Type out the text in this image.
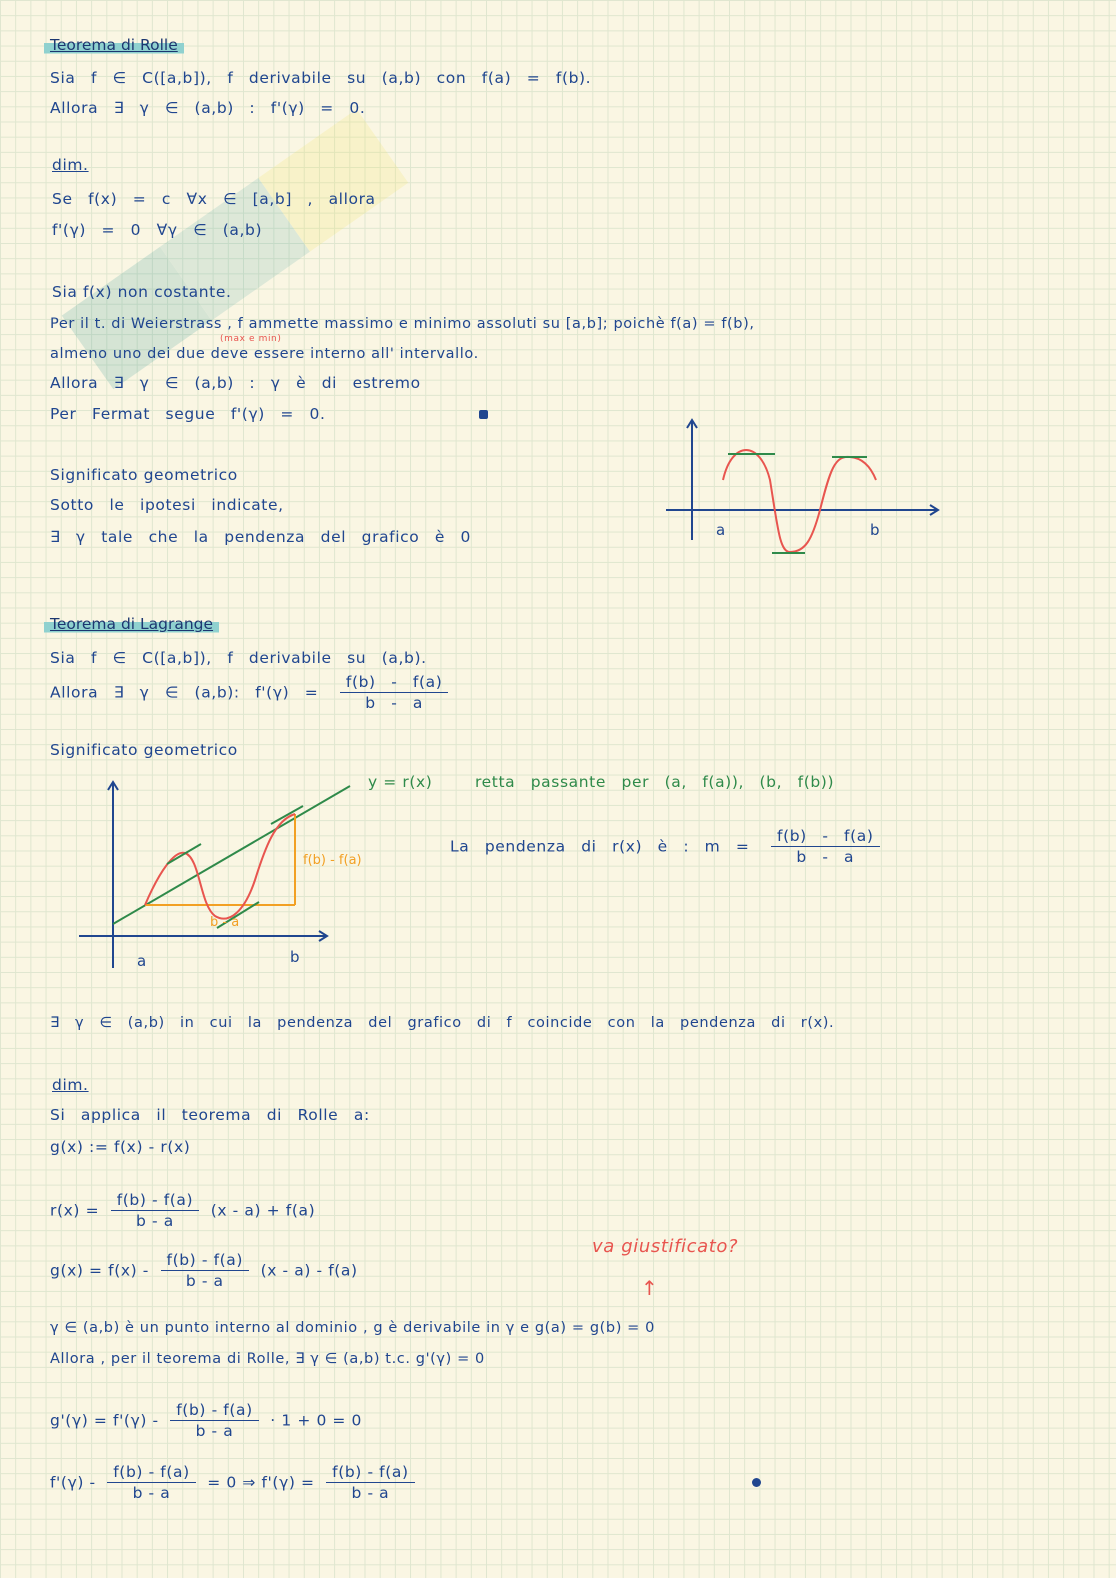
Teorema di Rolle
Sia f ∈ C([a,b]), f derivabile su (a,b) con f(a) = f(b).
Allora ∃ γ ∈ (a,b) : f'(γ) = 0.
dim.
Se f(x) = c ∀x ∈ [a,b] , allora
f'(γ) = 0 ∀γ ∈ (a,b)
Sia f(x) non costante.
Per il t. di Weierstrass , f ammette massimo e minimo assoluti su [a,b]; poichè f(a) = f(b),
(max e min)
almeno uno dei due deve essere interno all' intervallo.
Allora ∃ γ ∈ (a,b) : γ è di estremo
Per Fermat segue f'(γ) = 0.
Significato geometrico
Sotto le ipotesi indicate,
∃ γ tale che la pendenza del grafico è 0	a	b
Teorema di Lagrange
Sia f ∈ C([a,b]), f derivabile su (a,b).
Allora ∃ γ ∈ (a,b): $f'(\gamma) = \frac{f(b) - f(a)}{b - a}$
Significato geometrico
f(b) - f(a)
b - a
a	b
y = r(x)	retta passante per (a, f(a)), (b, f(b))
La pendenza di r(x) è : $m = \frac{f(b) - f(a)}{b - a}$
∃ γ ∈ (a,b) in cui la pendenza del grafico di f coincide con la pendenza di r(x).
dim.
Si applica il teorema di Rolle a:
g(x) := f(x) - r(x)
$r(x) = \frac{f(b) - f(a)}{b - a} (x - a) + f(a)$
$g(x) = f(x) - \frac{f(b) - f(a)}{b - a} (x - a) - f(a)$
va giustificato?
↑
γ ∈ (a,b) è un punto interno al dominio , g è derivabile in γ e g(a) = g(b) = 0
Allora , per il teorema di Rolle, ∃ γ ∈ (a,b) t.c. g'(γ) = 0
$g'(\gamma) = f'(\gamma) - \frac{f(b) - f(a)}{b - a} \cdot 1 + 0 = 0$
$f'(\gamma) - \frac{f(b) - f(a)}{b - a} = 0$ ⇒ $f'(\gamma) = \frac{f(b) - f(a)}{b - a}$
